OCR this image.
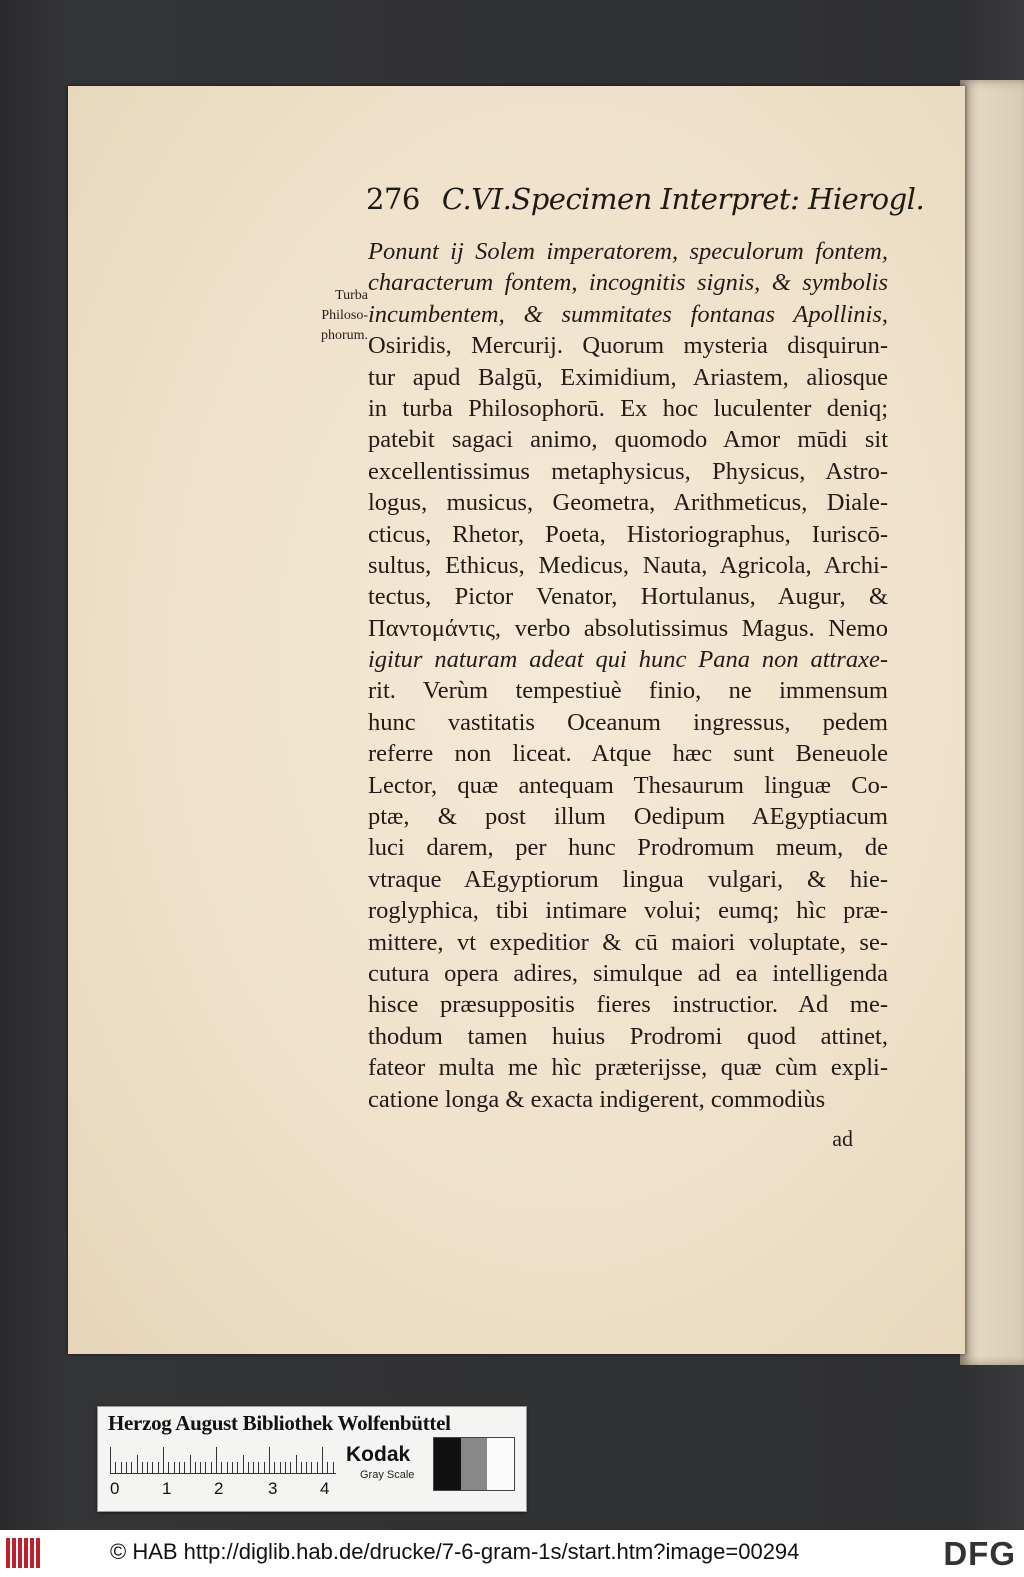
276 C.VI.Specimen Interpret: Hierogl.
Turba
Philoso-
phorum.
Ponunt ij Solem imperatorem, speculorum fontem,
characterum fontem, incognitis signis, & symbolis
incumbentem, & summitates fontanas Apollinis,
Osiridis, Mercurij. Quorum mysteria disquirun-
tur apud Balgū, Eximidium, Ariastem, aliosque
in turba Philosophorū. Ex hoc luculenter deniq;
patebit sagaci animo, quomodo Amor mūdi sit
excellentissimus metaphysicus, Physicus, Astro-
logus, musicus, Geometra, Arithmeticus, Diale-
cticus, Rhetor, Poeta, Historiographus, Iuriscō-
sultus, Ethicus, Medicus, Nauta, Agricola, Archi-
tectus, Pictor Venator, Hortulanus, Augur, &
Παντομάντις, verbo absolutissimus Magus. Nemo
igitur naturam adeat qui hunc Pana non attraxe-
rit. Verùm tempestiuè finio, ne immensum
hunc vastitatis Oceanum ingressus, pedem
referre non liceat. Atque hæc sunt Beneuole
Lector, quæ antequam Thesaurum linguæ Co-
ptæ, & post illum Oedipum AEgyptiacum
luci darem, per hunc Prodromum meum, de
vtraque AEgyptiorum lingua vulgari, & hie-
roglyphica, tibi intimare volui; eumq; hìc præ-
mittere, vt expeditior & cū maiori voluptate, se-
cutura opera adires, simulque ad ea intelligenda
hisce præsuppositis fieres instructior. Ad me-
thodum tamen huius Prodromi quod attinet,
fateor multa me hìc præterijsse, quæ cùm expli-
catione longa & exacta indigerent, commodiùs
ad
Herzog August Bibliothek Wolfenbüttel
0	1	2	3	4
Kodak
Gray Scale
© HAB http://diglib.hab.de/drucke/7-6-gram-1s/start.htm?image=00294	DFG
